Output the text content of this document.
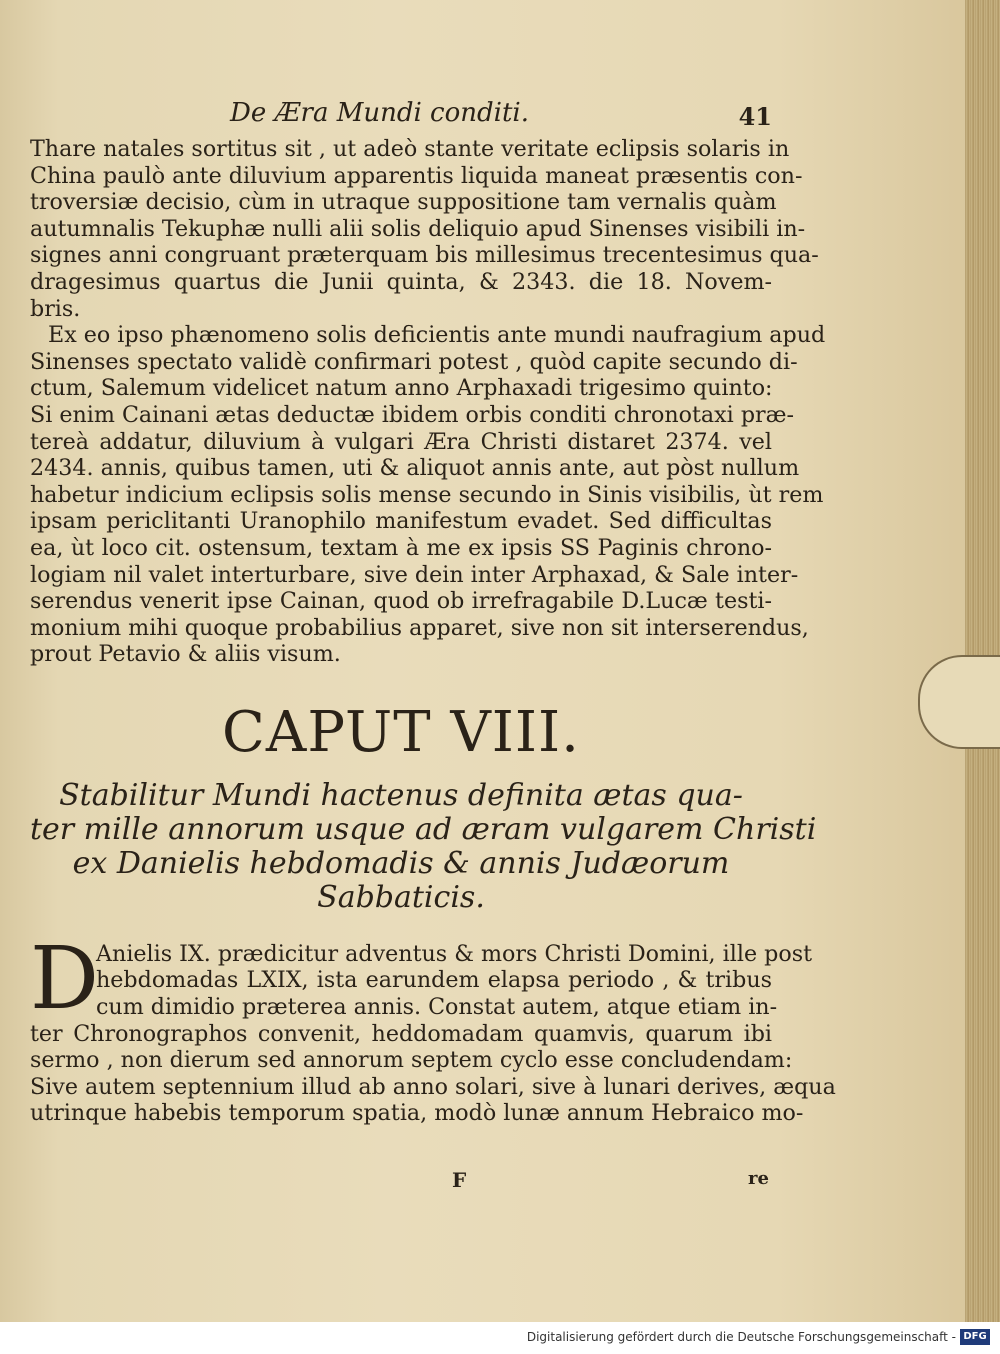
De Æra Mundi conditi.	41

Thare natales sortitus sit , ut adeò stante veritate eclipsis solaris in
China paulò ante diluvium apparentis liquida maneat præsentis con-
troversiæ decisio, cùm in utraque suppositione tam vernalis quàm
autumnalis Tekuphæ nulli alii solis deliquio apud Sinenses visibili in-
signes anni congruant præterquam bis millesimus trecentesimus qua-
dragesimus quartus die Junii quinta, & 2343. die 18. Novem-
bris.

Ex eo ipso phænomeno solis deficientis ante mundi naufragium apud
Sinenses spectato validè confirmari potest , quòd capite secundo di-
ctum, Salemum videlicet natum anno Arphaxadi trigesimo quinto:
Si enim Cainani ætas deductæ ibidem orbis conditi chronotaxi præ-
tereà addatur, diluvium à vulgari Æra Christi distaret 2374. vel
2434. annis, quibus tamen, uti & aliquot annis ante, aut pòst nullum
habetur indicium eclipsis solis mense secundo in Sinis visibilis, ùt rem
ipsam periclitanti Uranophilo manifestum evadet. Sed difficultas
ea, ùt loco cit. ostensum, textam à me ex ipsis SS Paginis chrono-
logiam nil valet interturbare, sive dein inter Arphaxad, & Sale inter-
serendus venerit ipse Cainan, quod ob irrefragabile D.Lucæ testi-
monium mihi quoque probabilius apparet, sive non sit interserendus,
prout Petavio & aliis visum.

CAPUT VIII.
Stabilitur Mundi hactenus definita ætas qua-
ter mille annorum usque ad æram vulgarem Christi
ex Danielis hebdomadis & annis Judæorum
Sabbaticis.
D

Anielis IX. prædicitur adventus & mors Christi Domini, ille post
hebdomadas LXIX, ista earundem elapsa periodo , & tribus
cum dimidio præterea annis. Constat autem, atque etiam in-
ter Chronographos convenit, heddomadam quamvis, quarum ibi
sermo , non dierum sed annorum septem cyclo esse concludendam:
Sive autem septennium illud ab anno solari, sive à lunari derives, æqua
utrinque habebis temporum spatia, modò lunæ annum Hebraico mo-

F	re
Digitalisierung gefördert durch die Deutsche Forschungsgemeinschaft - DFG
